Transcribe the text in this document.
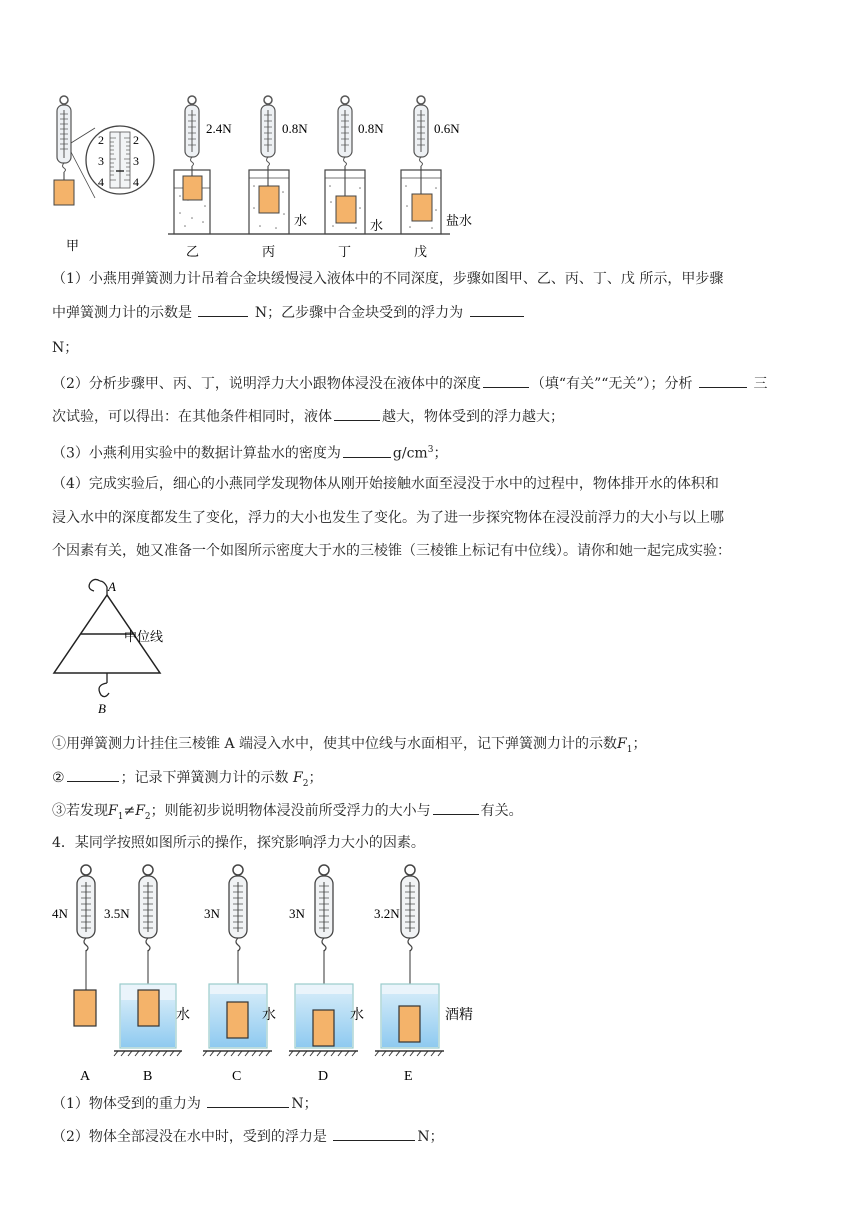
2
3
4
2
3
4
2.4N	0.8N
水
0.8N
水
0.6N
盐水
甲	乙	丙	丁	戊
（1）小燕用弹簧测力计吊着合金块缓慢浸入液体中的不同深度，步骤如图甲、乙、丙、丁、戊 所示，甲步骤
中弹簧测力计的示数是	N；乙步骤中合金块受到的浮力为
N；
（2）分析步骤甲、丙、丁，说明浮力大小跟物体浸没在液体中的深度	（填“有关”“无关”）；分析	三
次试验，可以得出：在其他条件相同时，液体	越大，物体受到的浮力越大；
（3）小燕利用实验中的数据计算盐水的密度为	$g/cm^3$；
（4）完成实验后，细心的小燕同学发现物体从刚开始接触水面至浸没于水中的过程中，物体排开水的体积和
浸入水中的深度都发生了变化，浮力的大小也发生了变化。为了进一步探究物体在浸没前浮力的大小与以上哪
个因素有关，她又准备一个如图所示密度大于水的三棱锥（三棱锥上标记有中位线）。请你和她一起完成实验：
A
B
中位线
①用弹簧测力计挂住三棱锥 A 端浸入水中，使其中位线与水面相平，记下弹簧测力计的示数$F_1$；
②	；记录下弹簧测力计的示数 $F_2$；
③若发现$F_1\ne F_2$；则能初步说明物体浸没前所受浮力的大小与	有关。
4．某同学按照如图所示的操作，探究影响浮力大小的因素。
4N	3.5N
水
3N
水
3N
水
3.2N
酒精
A	B	C	D	E
（1）物体受到的重力为	N；
（2）物体全部浸没在水中时，受到的浮力是	N；
